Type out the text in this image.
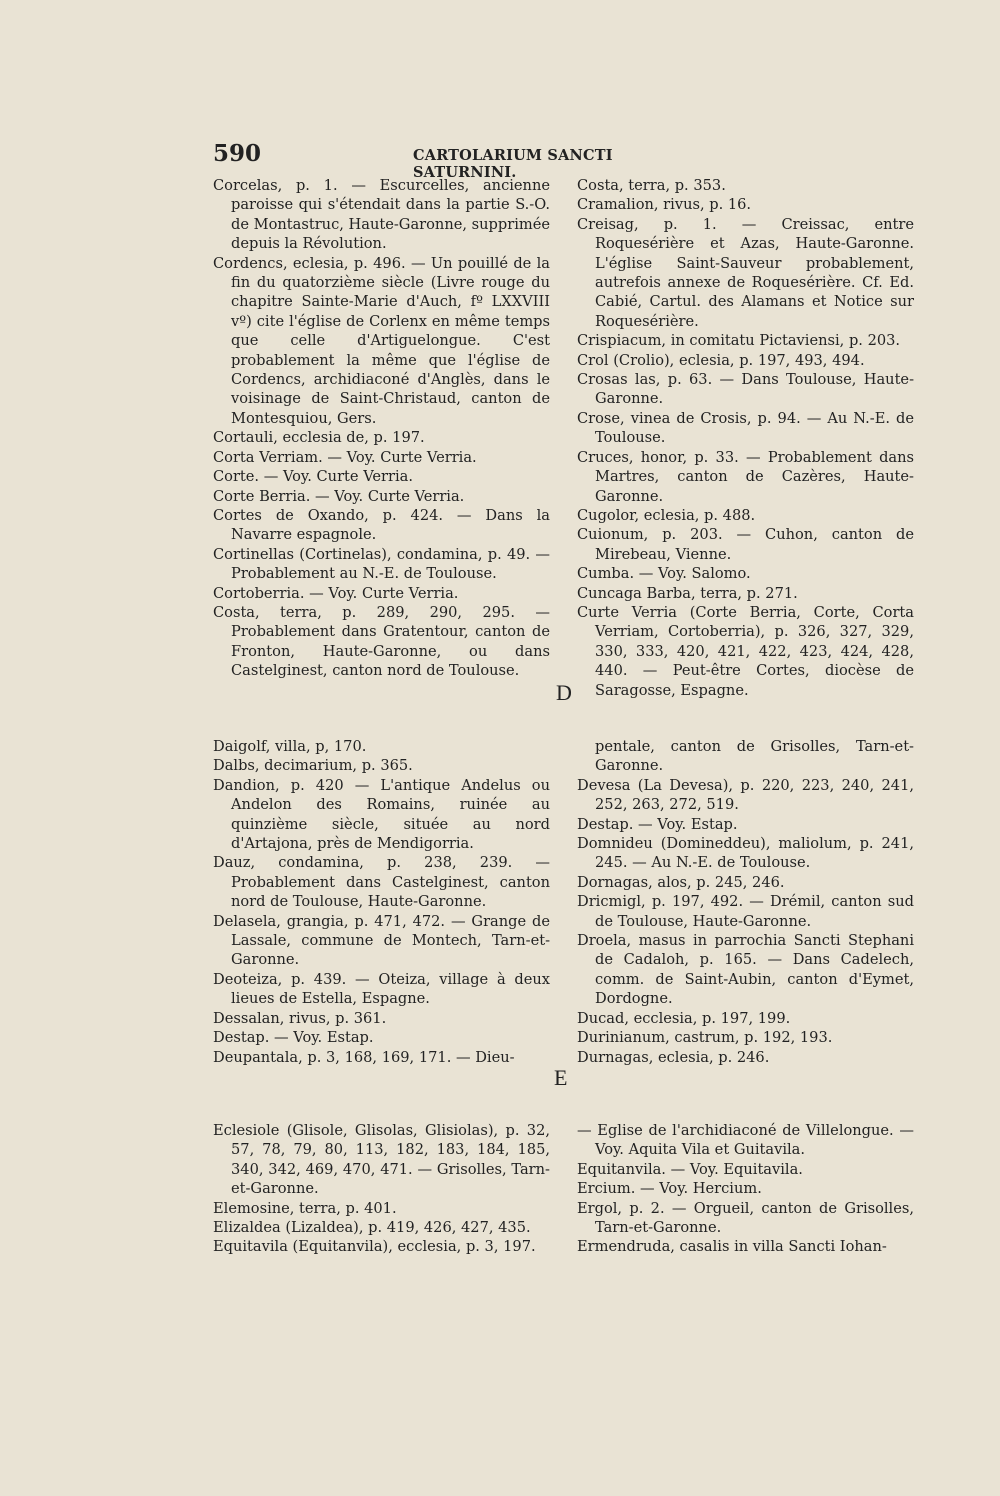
590	CARTOLARIUM SANCTI SATURNINI.

Corcelas, p. 1. — Escurcelles, ancienne paroisse qui s'étendait dans la partie S.-O. de Montastruc, Haute-Garonne, supprimée depuis la Révolution.

Cordencs, eclesia, p. 496. — Un pouillé de la fin du quatorzième siècle (Livre rouge du chapitre Sainte-Marie d'Auch, fº LXXVIII vº) cite l'église de Corlenx en même temps que celle d'Artiguelongue. C'est probablement la même que l'église de Cordencs, archidiaconé d'Anglès, dans le voisinage de Saint-Christaud, canton de Montesquiou, Gers.

Cortauli, ecclesia de, p. 197.

Corta Verriam. — Voy. Curte Verria.

Corte. — Voy. Curte Verria.

Corte Berria. — Voy. Curte Verria.

Cortes de Oxando, p. 424. — Dans la Navarre espagnole.

Cortinellas (Cortinelas), condamina, p. 49. — Probablement au N.-E. de Toulouse.

Cortoberria. — Voy. Curte Verria.

Costa, terra, p. 289, 290, 295. — Probablement dans Gratentour, canton de Fronton, Haute-Garonne, ou dans Castelginest, canton nord de Toulouse.

Costa, terra, p. 353.

Cramalion, rivus, p. 16.

Creisag, p. 1. — Creissac, entre Roquesérière et Azas, Haute-Garonne. L'église Saint-Sauveur probablement, autrefois annexe de Roquesérière. Cf. Ed. Cabié, Cartul. des Alamans et Notice sur Roquesérière.

Crispiacum, in comitatu Pictaviensi, p. 203.

Crol (Crolio), eclesia, p. 197, 493, 494.

Crosas las, p. 63. — Dans Toulouse, Haute-Garonne.

Crose, vinea de Crosis, p. 94. — Au N.-E. de Toulouse.

Cruces, honor, p. 33. — Probablement dans Martres, canton de Cazères, Haute-Garonne.

Cugolor, eclesia, p. 488.

Cuionum, p. 203. — Cuhon, canton de Mirebeau, Vienne.

Cumba. — Voy. Salomo.

Cuncaga Barba, terra, p. 271.

Curte Verria (Corte Berria, Corte, Corta Verriam, Cortoberria), p. 326, 327, 329, 330, 333, 420, 421, 422, 423, 424, 428, 440. — Peut-être Cortes, diocèse de Saragosse, Espagne.

D

Daigolf, villa, p, 170.

Dalbs, decimarium, p. 365.

Dandion, p. 420 — L'antique Andelus ou Andelon des Romains, ruinée au quinzième siècle, située au nord d'Artajona, près de Mendigorria.

Dauz, condamina, p. 238, 239. — Probablement dans Castelginest, canton nord de Toulouse, Haute-Garonne.

Delasela, grangia, p. 471, 472. — Grange de Lassale, commune de Montech, Tarn-et-Garonne.

Deoteiza, p. 439. — Oteiza, village à deux lieues de Estella, Espagne.

Dessalan, rivus, p. 361.

Destap. — Voy. Estap.

Deupantala, p. 3, 168, 169, 171. — Dieu-

pentale, canton de Grisolles, Tarn-et-Garonne.

Devesa (La Devesa), p. 220, 223, 240, 241, 252, 263, 272, 519.

Destap. — Voy. Estap.

Domnideu (Domineddeu), maliolum, p. 241, 245. — Au N.-E. de Toulouse.

Dornagas, alos, p. 245, 246.

Dricmigl, p. 197, 492. — Drémil, canton sud de Toulouse, Haute-Garonne.

Droela, masus in parrochia Sancti Stephani de Cadaloh, p. 165. — Dans Cadelech, comm. de Saint-Aubin, canton d'Eymet, Dordogne.

Ducad, ecclesia, p. 197, 199.

Durinianum, castrum, p. 192, 193.

Durnagas, eclesia, p. 246.

E

Eclesiole (Glisole, Glisolas, Glisiolas), p. 32, 57, 78, 79, 80, 113, 182, 183, 184, 185, 340, 342, 469, 470, 471. — Grisolles, Tarn-et-Garonne.

Elemosine, terra, p. 401.

Elizaldea (Lizaldea), p. 419, 426, 427, 435.

Equitavila (Equitanvila), ecclesia, p. 3, 197.

— Eglise de l'archidiaconé de Villelongue. — Voy. Aquita Vila et Guitavila.

Equitanvila. — Voy. Equitavila.

Ercium. — Voy. Hercium.

Ergol, p. 2. — Orgueil, canton de Grisolles, Tarn-et-Garonne.

Ermendruda, casalis in villa Sancti Iohan-
